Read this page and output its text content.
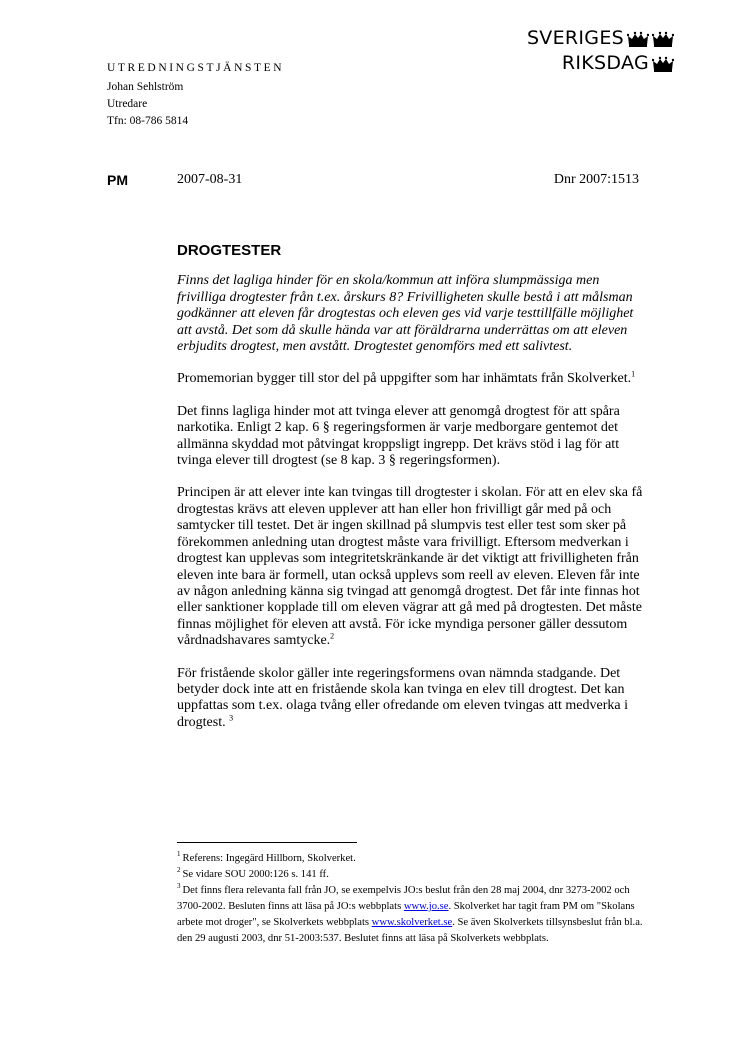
SVERIGES
RIKSDAG
UTREDNINGSTJÄNSTEN
Johan Sehlström
Utredare
Tfn: 08-786 5814
PM	2007-08-31	Dnr 2007:1513
DROGTESTER

Finns det lagliga hinder för en skola/kommun att införa slumpmässiga men frivilliga drogtester från t.ex. årskurs 8? Frivilligheten skulle bestå i att målsman godkänner att eleven får drogtestas och eleven ges vid varje testtillfälle möjlighet att avstå. Det som då skulle hända var att föräldrarna underrättas om att eleven erbjudits drogtest, men avstått. Drogtestet genomförs med ett salivtest.

Promemorian bygger till stor del på uppgifter som har inhämtats från Skolverket.$^1$

Det finns lagliga hinder mot att tvinga elever att genomgå drogtest för att spåra narkotika. Enligt 2 kap. 6 § regeringsformen är varje medborgare gentemot det allmänna skyddad mot påtvingat kroppsligt ingrepp. Det krävs stöd i lag för att tvinga elever till drogtest (se 8 kap. 3 § regeringsformen).

Principen är att elever inte kan tvingas till drogtester i skolan. För att en elev ska få drogtestas krävs att eleven upplever att han eller hon frivilligt går med på och samtycker till testet. Det är ingen skillnad på slumpvis test eller test som sker på förekommen anledning utan drogtest måste vara frivilligt. Eftersom medverkan i drogtest kan upplevas som integritetskränkande är det viktigt att frivilligheten från eleven inte bara är formell, utan också upplevs som reell av eleven. Eleven får inte av någon anledning känna sig tvingad att genomgå drogtest. Det får inte finnas hot eller sanktioner kopplade till om eleven vägrar att gå med på drogtesten. Det måste finnas möjlighet för eleven att avstå. För icke myndiga personer gäller dessutom vårdnadshavares samtycke.$^2$

För fristående skolor gäller inte regeringsformens ovan nämnda stadgande. Det betyder dock inte att en fristående skola kan tvinga en elev till drogtest. Det kan uppfattas som t.ex. olaga tvång eller ofredande om eleven tvingas att medverka i drogtest. $^3$

$^1$ Referens: Ingegärd Hillborn, Skolverket.
$^2$ Se vidare SOU 2000:126 s. 141 ff.
$^3$ Det finns flera relevanta fall från JO, se exempelvis JO:s beslut från den 28 maj 2004, dnr 3273-2002 och 3700-2002. Besluten finns att läsa på JO:s webbplats www.jo.se. Skolverket har tagit fram PM om "Skolans arbete mot droger", se Skolverkets webbplats www.skolverket.se. Se även Skolverkets tillsynsbeslut från bl.a. den 29 augusti 2003, dnr 51-2003:537. Beslutet finns att läsa på Skolverkets webbplats.
